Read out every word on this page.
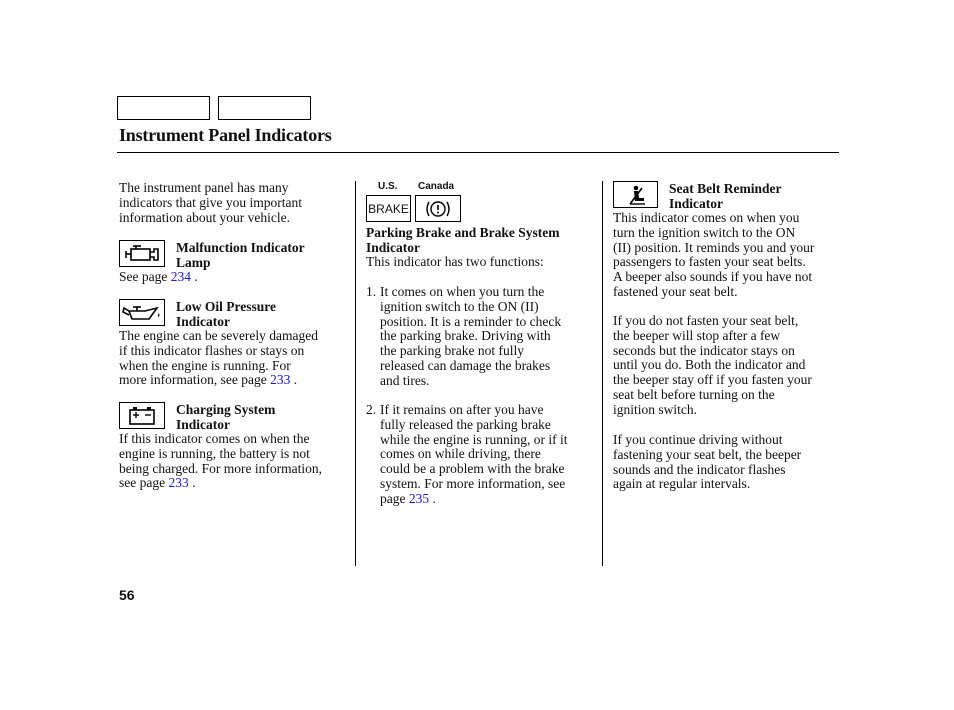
Instrument Panel Indicators
The instrument panel has many
indicators that give you important
information about your vehicle.
Malfunction Indicator
Lamp
See page 234 .
Low Oil Pressure
Indicator
The engine can be severely damaged
if this indicator flashes or stays on
when the engine is running. For
more information, see page 233 .
Charging System
Indicator
If this indicator comes on when the
engine is running, the battery is not
being charged. For more information,
see page 233 .
U.S. Canada
BRAKE
Parking Brake and Brake System
Indicator
This indicator has two functions:
1. It comes on when you turn the
ignition switch to the ON (II)
position. It is a reminder to check
the parking brake. Driving with
the parking brake not fully
released can damage the brakes
and tires.
2. If it remains on after you have
fully released the parking brake
while the engine is running, or if it
comes on while driving, there
could be a problem with the brake
system. For more information, see
page 235 .
Seat Belt Reminder
Indicator
This indicator comes on when you
turn the ignition switch to the ON
(II) position. It reminds you and your
passengers to fasten your seat belts.
A beeper also sounds if you have not
fastened your seat belt.
If you do not fasten your seat belt,
the beeper will stop after a few
seconds but the indicator stays on
until you do. Both the indicator and
the beeper stay off if you fasten your
seat belt before turning on the
ignition switch.
If you continue driving without
fastening your seat belt, the beeper
sounds and the indicator flashes
again at regular intervals.
56
